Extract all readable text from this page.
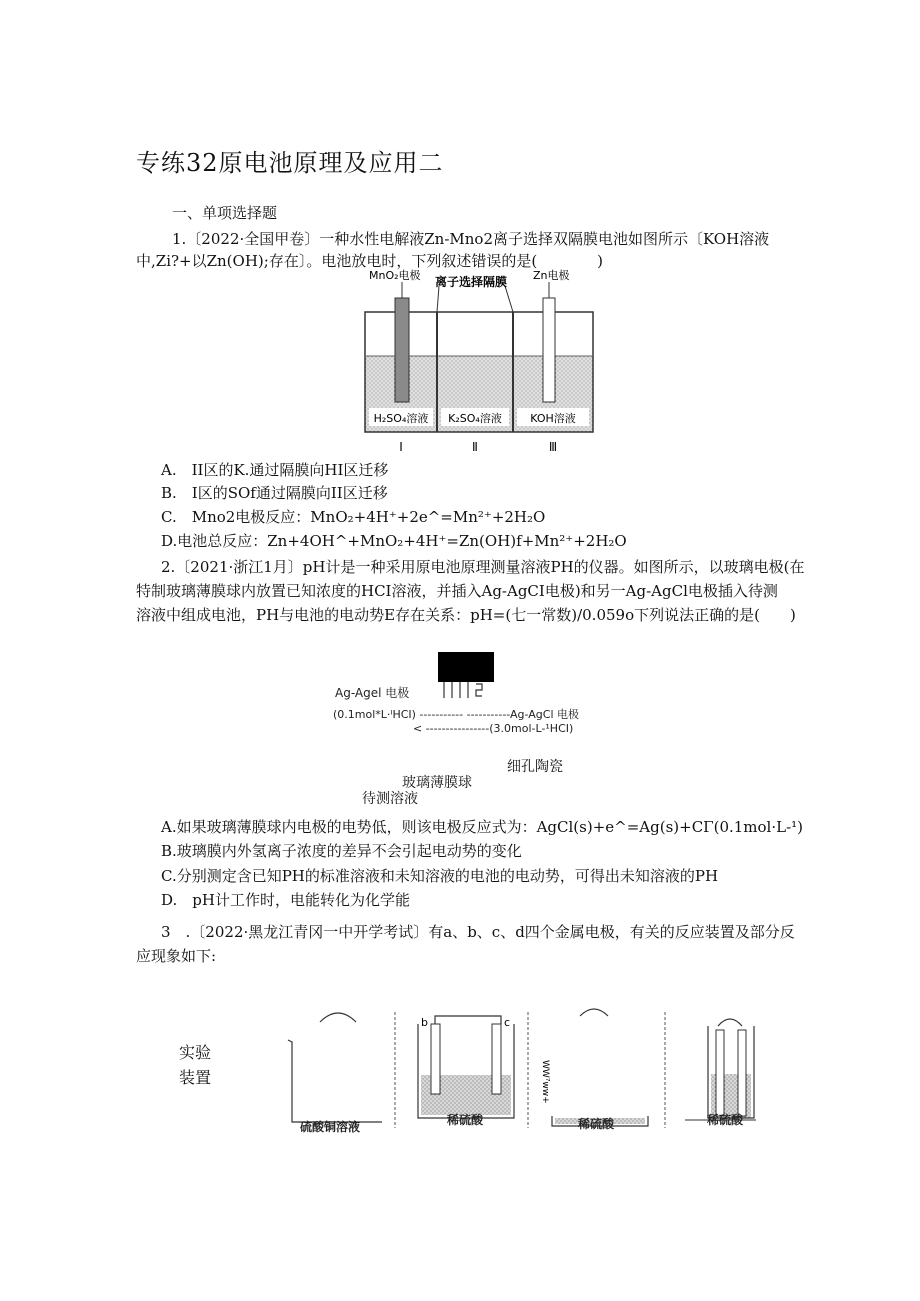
专练32原电池原理及应用二
一、单项选择题
1.〔2022·全国甲卷〕一种水性电解液Zn-Mno2离子选择双隔膜电池如图所示〔KOH溶液
中,Zi?+以Zn(OH);存在〕。电池放电时，下列叙述错误的是(　　　　)
MnO₂电极 离子选择隔膜 Zn电极
H₂SO₄溶液 K₂SO₄溶液	KOH溶液
Ⅰ	Ⅱ	Ⅲ
A.　II区的K.通过隔膜向HI区迁移
B.　I区的SOf通过隔膜向II区迁移
C.　Mno2电极反应：MnO₂+4H⁺+2e^=Mn²⁺+2H₂O
D.电池总反应：Zn+4OH^+MnO₂+4H⁺=Zn(OH)f+Mn²⁺+2H₂O
2.〔2021·浙江1月〕pH计是一种采用原电池原理测量溶液PH的仪器。如图所示，以玻璃电极(在
特制玻璃薄膜球内放置已知浓度的HCI溶液，并插入Ag-AgCI电极)和另一Ag-AgCl电极插入待测
溶液中组成电池，PH与电池的电动势E存在关系：pH=(七一常数)/0.059o下列说法正确的是(　　)
Ag-Agel 电极
(0.1mol*L·ᴵHCI) ----------- -----------Ag-AgCl 电极
< ----------------(3.0mol-L-¹HCI)
细孔陶瓷
玻璃薄膜球
待测溶液
A.如果玻璃薄膜球内电极的电势低，则该电极反应式为：AgCl(s)+e^=Ag(s)+CΓ(0.1mol·L-¹)
B.玻璃膜内外氢离子浓度的差异不会引起电动势的变化
C.分别测定含已知PH的标准溶液和未知溶液的电池的电动势，可得出未知溶液的PH
D.　pH计工作时，电能转化为化学能
3　.〔2022·黑龙江青冈一中开学考试〕有a、b、c、d四个金属电极，有关的反应装置及部分反
应现象如下:
实验
装置
b	c
WW⁷ww+
硫酸铜溶液	稀硫酸	稀硫酸	稀硫酸
